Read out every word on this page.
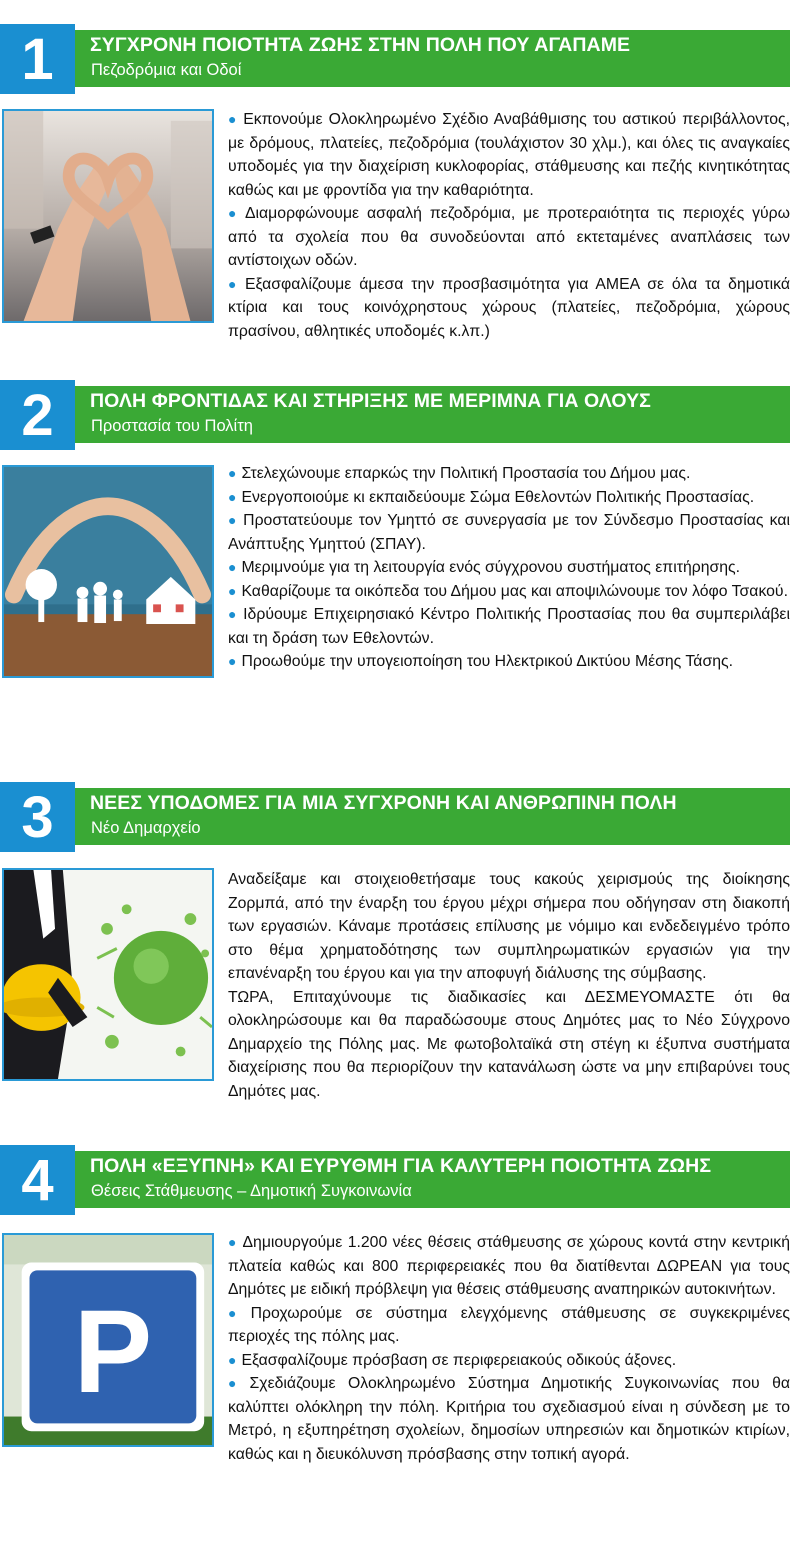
1	ΣΥΓΧΡΟΝΗ ΠΟΙΟΤΗΤΑ ΖΩΗΣ ΣΤΗΝ ΠΟΛΗ ΠΟΥ ΑΓΑΠΑΜΕ
Πεζοδρόμια και Οδοί

● Εκπονούμε Ολοκληρωμένο Σχέδιο Αναβάθμισης του αστικού περιβάλλοντος, με δρόμους, πλατείες, πεζοδρόμια (τουλάχιστον 30 χλμ.), και όλες τις αναγκαίες υποδομές για την διαχείριση κυκλοφορίας, στάθμευσης και πεζής κινητικότητας καθώς και με φροντίδα για την καθαριότητα.

● Διαμορφώνουμε ασφαλή πεζοδρόμια, με προτεραιότητα τις περιοχές γύρω από τα σχολεία που θα συνοδεύονται από εκτεταμένες αναπλάσεις των αντίστοιχων οδών.

● Εξασφαλίζουμε άμεσα την προσβασιμότητα για ΑΜΕΑ σε όλα τα δημοτικά κτίρια και τους κοινόχρηστους χώρους (πλατείες, πεζοδρόμια, χώρους πρασίνου, αθλητικές υποδομές κ.λπ.)

2	ΠΟΛΗ ΦΡΟΝΤΙΔΑΣ ΚΑΙ ΣΤΗΡΙΞΗΣ ΜΕ ΜΕΡΙΜΝΑ ΓΙΑ ΟΛΟΥΣ
Προστασία του Πολίτη

● Στελεχώνουμε επαρκώς την Πολιτική Προστασία του Δήμου μας.

● Ενεργοποιούμε κι εκπαιδεύουμε Σώμα Εθελοντών Πολιτικής Προστασίας.

● Προστατεύουμε τον Υμηττό σε συνεργασία με τον Σύνδεσμο Προστασίας και Ανάπτυξης Υμηττού (ΣΠΑΥ).

● Μεριμνούμε για τη λειτουργία ενός σύγχρονου συστήματος επιτήρησης.

● Καθαρίζουμε τα οικόπεδα του Δήμου μας και αποψιλώνουμε τον λόφο Τσακού.

● Ιδρύουμε Επιχειρησιακό Κέντρο Πολιτικής Προστασίας που θα συμπεριλάβει και τη δράση των Εθελοντών.

● Προωθούμε την υπογειοποίηση του Ηλεκτρικού Δικτύου Μέσης Τάσης.

3	ΝΕΕΣ ΥΠΟΔΟΜΕΣ ΓΙΑ ΜΙΑ ΣΥΓΧΡΟΝΗ ΚΑΙ ΑΝΘΡΩΠΙΝΗ ΠΟΛΗ
Νέο Δημαρχείο

Αναδείξαμε και στοιχειοθετήσαμε τους κακούς χειρισμούς της διοίκησης Ζορμπά, από την έναρξη του έργου μέχρι σήμερα που οδήγησαν στη διακοπή των εργασιών. Κάναμε προτάσεις επίλυσης με νόμιμο και ενδεδειγμένο τρόπο στο θέμα χρηματοδότησης των συμπληρωματικών εργασιών για την επανέναρξη του έργου και για την αποφυγή διάλυσης της σύμβασης.

ΤΩΡΑ, Επιταχύνουμε τις διαδικασίες και ΔΕΣΜΕΥΟΜΑΣΤΕ ότι θα ολοκληρώσουμε και θα παραδώσουμε στους Δημότες μας το Νέο Σύγχρονο Δημαρχείο της Πόλης μας. Με φωτοβολταϊκά στη στέγη κι έξυπνα συστήματα διαχείρισης που θα περιορίζουν την κατανάλωση ώστε να μην επιβαρύνει τους Δημότες μας.

4	ΠΟΛΗ «ΕΞΥΠΝΗ» ΚΑΙ ΕΥΡΥΘΜΗ ΓΙΑ ΚΑΛΥΤΕΡΗ ΠΟΙΟΤΗΤΑ ΖΩΗΣ
Θέσεις Στάθμευσης – Δημοτική Συγκοινωνία
P

● Δημιουργούμε 1.200 νέες θέσεις στάθμευσης σε χώρους κοντά στην κεντρική πλατεία καθώς και 800 περιφερειακές που θα διατίθενται ΔΩΡΕΑΝ για τους Δημότες με ειδική πρόβλεψη για θέσεις στάθμευσης αναπηρικών αυτοκινήτων.

● Προχωρούμε σε σύστημα ελεγχόμενης στάθμευσης σε συγκεκριμένες περιοχές της πόλης μας.

● Εξασφαλίζουμε πρόσβαση σε περιφερειακούς οδικούς άξονες.

● Σχεδιάζουμε Ολοκληρωμένο Σύστημα Δημοτικής Συγκοινωνίας που θα καλύπτει ολόκληρη την πόλη. Κριτήρια του σχεδιασμού είναι η σύνδεση με το Μετρό, η εξυπηρέτηση σχολείων, δημοσίων υπηρεσιών και δημοτικών κτιρίων, καθώς και η διευκόλυνση πρόσβασης στην τοπική αγορά.
